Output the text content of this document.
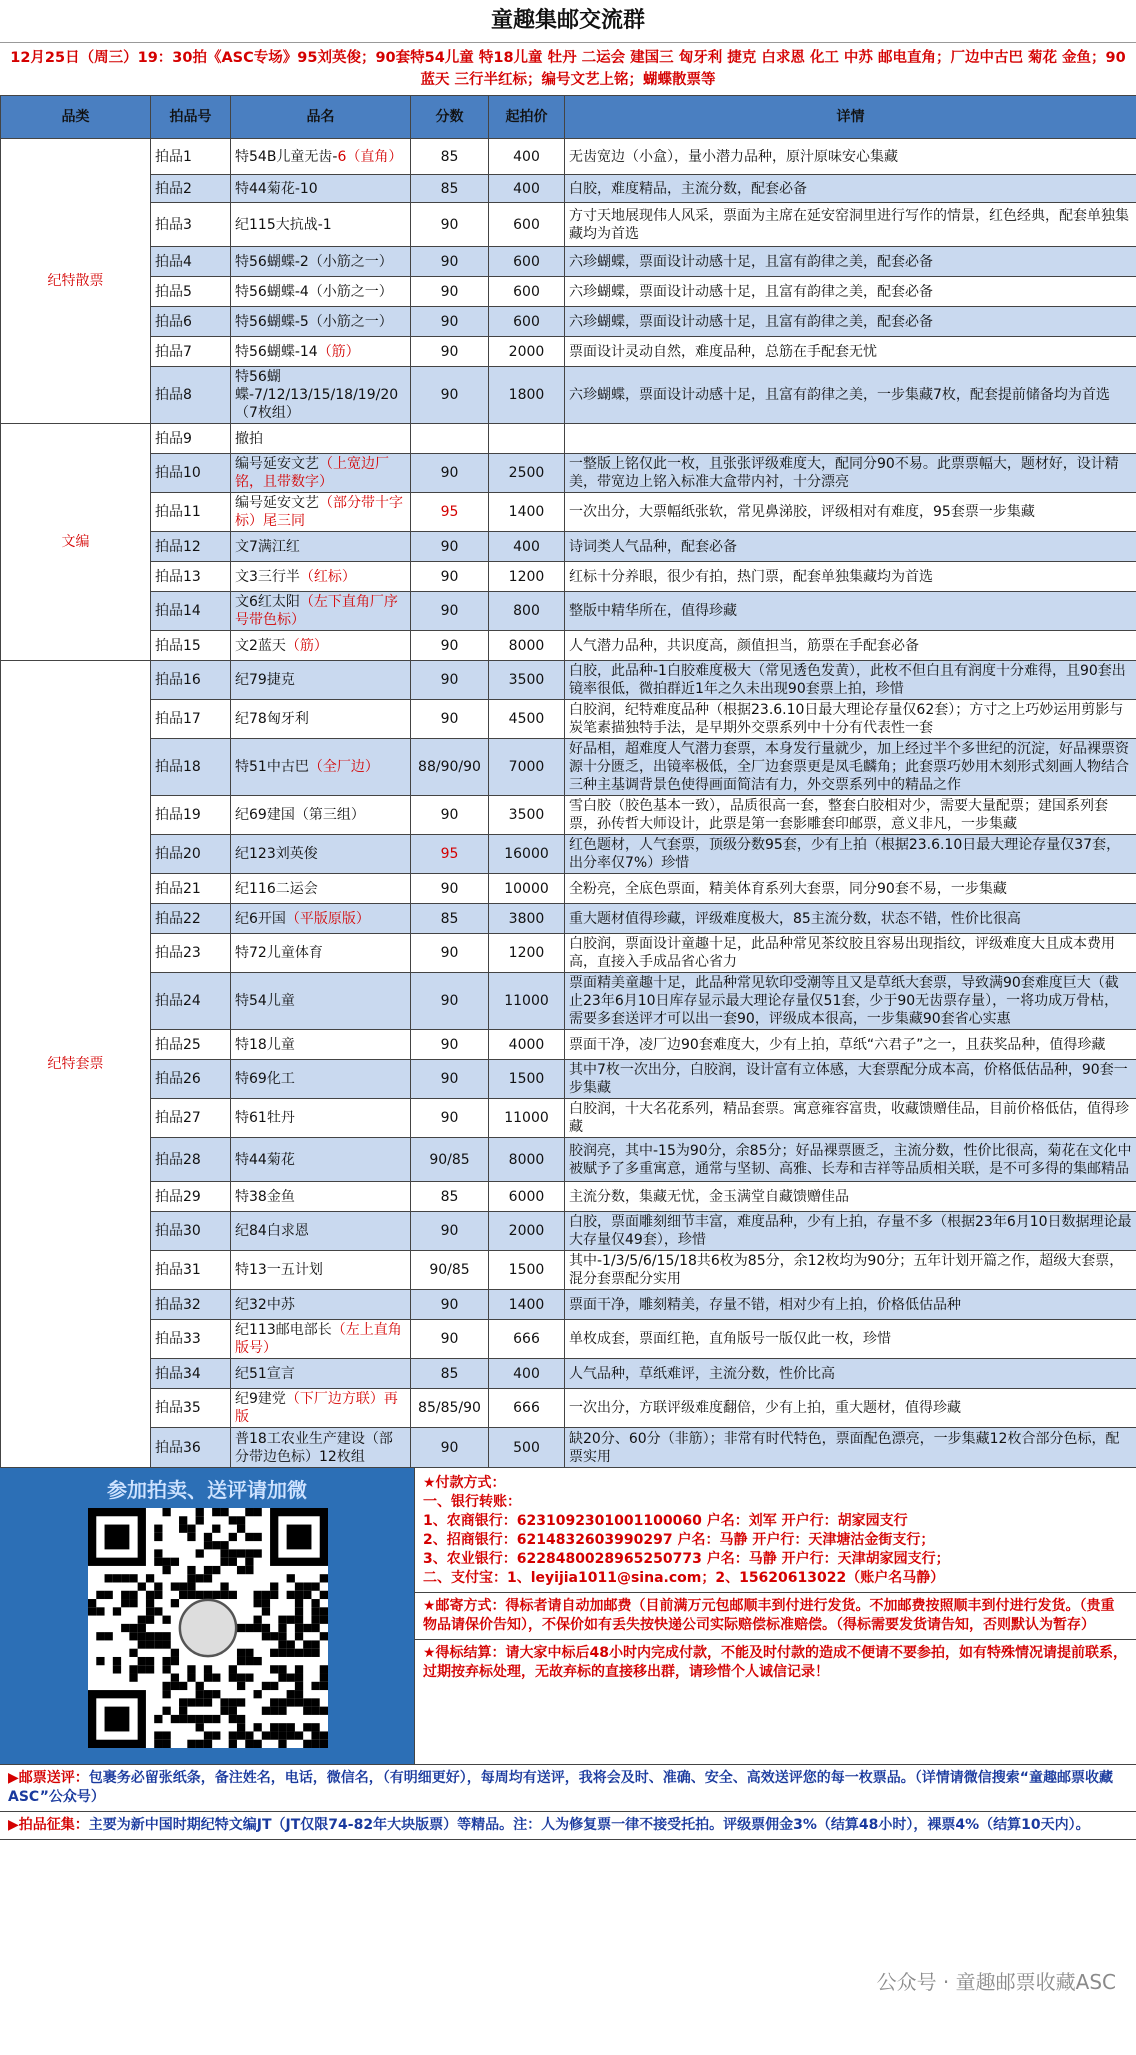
童趣集邮交流群
12月25日（周三）19：30拍《ASC专场》95刘英俊；90套特54儿童 特18儿童 牡丹 二运会 建国三 匈牙利 捷克 白求恩 化工 中苏 邮电直角；厂边中古巴 菊花 金鱼；90蓝天 三行半红标；编号文艺上铭；蝴蝶散票等
品类	拍品号	品名	分数	起拍价	详情
纪特散票	拍品1	特54B儿童无齿-6（直角）	85	400	无齿宽边（小盒），量小潜力品种，原汁原味安心集藏
	拍品2	特44菊花-10	85	400	白胶，难度精品，主流分数，配套必备
	拍品3	纪115大抗战-1	90	600	方寸天地展现伟人风采，票面为主席在延安窑洞里进行写作的情景，红色经典，配套单独集藏均为首选
	拍品4	特56蝴蝶-2（小筋之一）	90	600	六珍蝴蝶，票面设计动感十足，且富有韵律之美，配套必备
	拍品5	特56蝴蝶-4（小筋之一）	90	600	六珍蝴蝶，票面设计动感十足，且富有韵律之美，配套必备
	拍品6	特56蝴蝶-5（小筋之一）	90	600	六珍蝴蝶，票面设计动感十足，且富有韵律之美，配套必备
	拍品7	特56蝴蝶-14（筋）	90	2000	票面设计灵动自然，难度品种，总筋在手配套无忧
	拍品8	特56蝴蝶-7/12/13/15/18/19/20（7枚组）	90	1800	六珍蝴蝶，票面设计动感十足，且富有韵律之美，一步集藏7枚，配套提前储备均为首选
文编	拍品9	撤拍			
	拍品10	编号延安文艺（上宽边厂铭，且带数字）	90	2500	一整版上铭仅此一枚，且张张评级难度大，配同分90不易。此票票幅大，题材好，设计精美，带宽边上铭入标准大盒带内衬，十分漂亮
	拍品11	编号延安文艺（部分带十字标）尾三同	95	1400	一次出分，大票幅纸张软，常见鼻涕胶，评级相对有难度，95套票一步集藏
	拍品12	文7满江红	90	400	诗词类人气品种，配套必备
	拍品13	文3三行半（红标）	90	1200	红标十分养眼，很少有拍，热门票，配套单独集藏均为首选
	拍品14	文6红太阳（左下直角厂序号带色标）	90	800	整版中精华所在，值得珍藏
	拍品15	文2蓝天（筋）	90	8000	人气潜力品种，共识度高，颜值担当，筋票在手配套必备
纪特套票	拍品16	纪79捷克	90	3500	白胶，此品种-1白胶难度极大（常见透色发黄），此枚不但白且有润度十分难得，且90套出镜率很低，微拍群近1年之久未出现90套票上拍，珍惜
	拍品17	纪78匈牙利	90	4500	白胶润，纪特难度品种（根据23.6.10日最大理论存量仅62套）；方寸之上巧妙运用剪影与炭笔素描独特手法，是早期外交票系列中十分有代表性一套
	拍品18	特51中古巴（全厂边）	88/90/90	7000	好品相，超难度人气潜力套票，本身发行量就少，加上经过半个多世纪的沉淀，好品裸票资源十分匮乏，出镜率极低，全厂边套票更是凤毛麟角；此套票巧妙用木刻形式刻画人物结合三种主基调背景色使得画面简洁有力，外交票系列中的精品之作
	拍品19	纪69建国（第三组）	90	3500	雪白胶（胶色基本一致），品质很高一套，整套白胶相对少，需要大量配票；建国系列套票，孙传哲大师设计，此票是第一套影雕套印邮票，意义非凡，一步集藏
	拍品20	纪123刘英俊	95	16000	红色题材，人气套票，顶级分数95套，少有上拍（根据23.6.10日最大理论存量仅37套，出分率仅7%）珍惜
	拍品21	纪116二运会	90	10000	全粉亮，全底色票面，精美体育系列大套票，同分90套不易，一步集藏
	拍品22	纪6开国（平版原版）	85	3800	重大题材值得珍藏，评级难度极大，85主流分数，状态不错，性价比很高
	拍品23	特72儿童体育	90	1200	白胶润，票面设计童趣十足，此品种常见茶纹胶且容易出现指纹，评级难度大且成本费用高，直接入手成品省心省力
	拍品24	特54儿童	90	11000	票面精美童趣十足，此品种常见软印受潮等且又是草纸大套票，导致满90套难度巨大（截止23年6月10日库存显示最大理论存量仅51套，少于90无齿票存量），一将功成万骨枯，需要多套送评才可以出一套90，评级成本很高，一步集藏90套省心实惠
	拍品25	特18儿童	90	4000	票面干净，凌厂边90套难度大，少有上拍，草纸“六君子”之一，且获奖品种，值得珍藏
	拍品26	特69化工	90	1500	其中7枚一次出分，白胶润，设计富有立体感，大套票配分成本高，价格低估品种，90套一步集藏
	拍品27	特61牡丹	90	11000	白胶润，十大名花系列，精品套票。寓意雍容富贵，收藏馈赠佳品，目前价格低估，值得珍藏
	拍品28	特44菊花	90/85	8000	胶润亮，其中-15为90分，余85分；好品裸票匮乏，主流分数，性价比很高，菊花在文化中被赋予了多重寓意，通常与坚韧、高雅、长寿和吉祥等品质相关联，是不可多得的集邮精品
	拍品29	特38金鱼	85	6000	主流分数，集藏无忧，金玉满堂自藏馈赠佳品
	拍品30	纪84白求恩	90	2000	白胶，票面雕刻细节丰富，难度品种，少有上拍，存量不多（根据23年6月10日数据理论最大存量仅49套），珍惜
	拍品31	特13一五计划	90/85	1500	其中-1/3/5/6/15/18共6枚为85分，余12枚均为90分；五年计划开篇之作，超级大套票，混分套票配分实用
	拍品32	纪32中苏	90	1400	票面干净，雕刻精美，存量不错，相对少有上拍，价格低估品种
	拍品33	纪113邮电部长（左上直角版号）	90	666	单枚成套，票面红艳，直角版号一版仅此一枚，珍惜
	拍品34	纪51宣言	85	400	人气品种，草纸难评，主流分数，性价比高
	拍品35	纪9建党（下厂边方联）再版	85/85/90	666	一次出分，方联评级难度翻倍，少有上拍，重大题材，值得珍藏
	拍品36	普18工农业生产建设（部分带边色标）12枚组	90	500	缺20分、60分（非筋）；非常有时代特色，票面配色漂亮，一步集藏12枚合部分色标，配票实用
参加拍卖、送评请加微	★付款方式：
一、银行转账：
1、农商银行：6231092301001100060 户名：刘军 开户行：胡家园支行
2、招商银行：6214832603990297 户名：马静 开户行：天津塘沽金街支行；
3、农业银行：6228480028965250773 户名：马静 开户行：天津胡家园支行；
二、支付宝：1、leyijia1011@sina.com；2、15620613022（账户名马静）
★邮寄方式：得标者请自动加邮费（目前满万元包邮顺丰到付进行发货。不加邮费按照顺丰到付进行发货。（贵重物品请保价告知），不保价如有丢失按快递公司实际赔偿标准赔偿。（得标需要发货请告知，否则默认为暂存）
★得标结算：请大家中标后48小时内完成付款，不能及时付款的造成不便请不要参拍，如有特殊情况请提前联系，过期按弃标处理，无故弃标的直接移出群，请珍惜个人诚信记录！
▶邮票送评：包裹务必留张纸条，备注姓名，电话，微信名，（有明细更好），每周均有送评，我将会及时、准确、安全、高效送评您的每一枚票品。（详情请微信搜索“童趣邮票收藏ASC”公众号）
▶拍品征集：主要为新中国时期纪特文编JT（JT仅限74-82年大块版票）等精品。注：人为修复票一律不接受托拍。评级票佣金3%（结算48小时），裸票4%（结算10天内）。
公众号 · 童趣邮票收藏ASC
